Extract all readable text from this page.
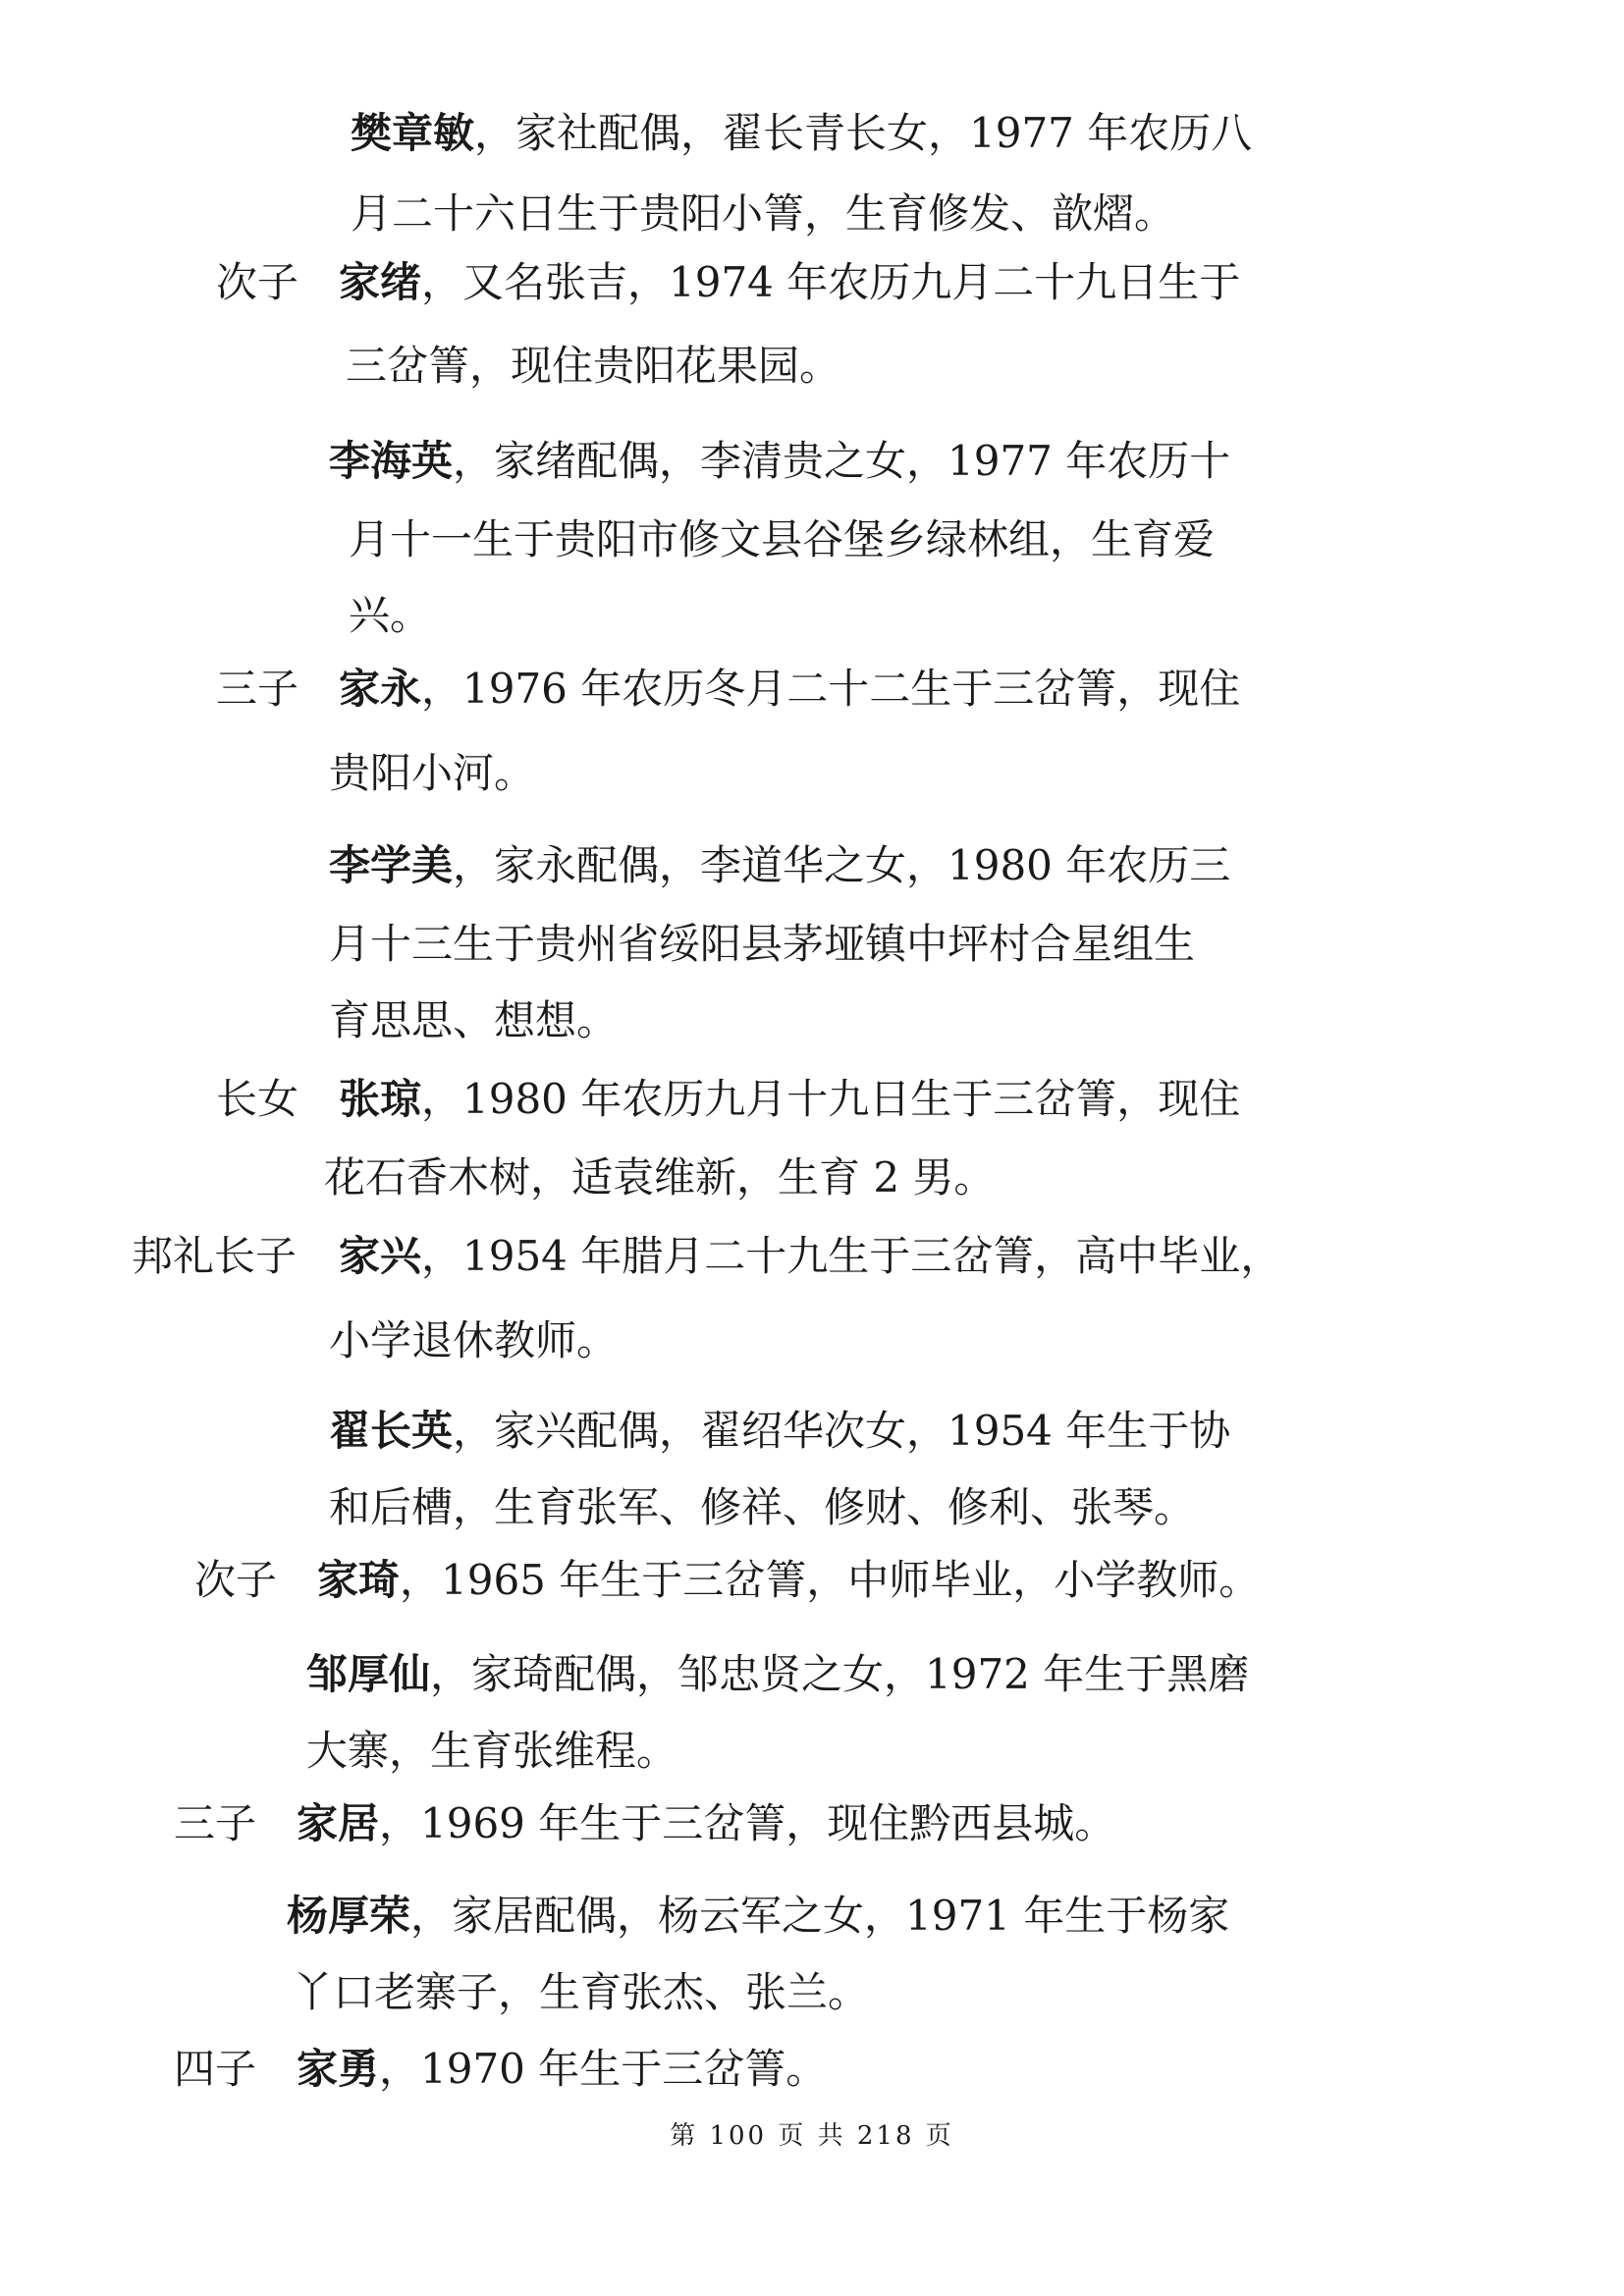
樊章敏，家社配偶，翟长青长女，1977 年农历八
月二十六日生于贵阳小箐，生育修发、歆熠。
次子 家绪，又名张吉，1974 年农历九月二十九日生于
三岔箐，现住贵阳花果园。
李海英，家绪配偶，李清贵之女，1977 年农历十
月十一生于贵阳市修文县谷堡乡绿林组，生育爱
兴。
三子 家永，1976 年农历冬月二十二生于三岔箐，现住
贵阳小河。
李学美，家永配偶，李道华之女，1980 年农历三
月十三生于贵州省绥阳县茅垭镇中坪村合星组生
育思思、想想。
长女 张琼，1980 年农历九月十九日生于三岔箐，现住
花石香木树，适袁维新，生育 2 男。
邦礼长子 家兴，1954 年腊月二十九生于三岔箐，高中毕业，
小学退休教师。
翟长英，家兴配偶，翟绍华次女，1954 年生于协
和后槽，生育张军、修祥、修财、修利、张琴。
次子 家琦，1965 年生于三岔箐，中师毕业，小学教师。
邹厚仙，家琦配偶，邹忠贤之女，1972 年生于黑磨
大寨，生育张维程。
三子 家居，1969 年生于三岔箐，现住黔西县城。
杨厚荣，家居配偶，杨云军之女，1971 年生于杨家
丫口老寨子，生育张杰、张兰。
四子 家勇，1970 年生于三岔箐。
第 100 页 共 218 页
